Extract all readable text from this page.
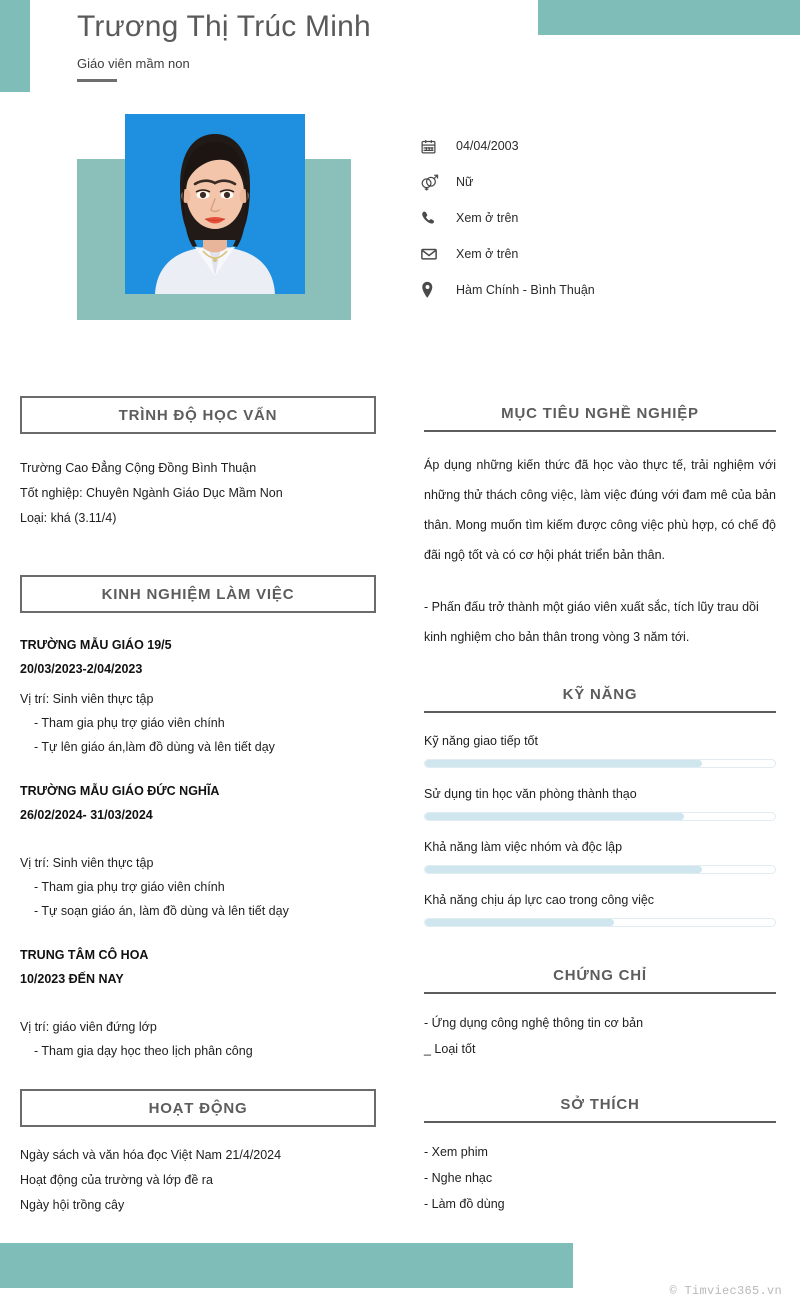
Trương Thị Trúc Minh
Giáo viên mầm non
04/04/2003
Nữ
Xem ở trên
Xem ở trên
Hàm Chính - Bình Thuận
TRÌNH ĐỘ HỌC VẤN
Trường Cao Đẳng Cộng Đồng Bình Thuận
Tốt nghiệp: Chuyên Ngành Giáo Dục Mầm Non
Loại: khá (3.11/4)
KINH NGHIỆM LÀM VIỆC
TRƯỜNG MẪU GIÁO 19/5
20/03/2023-2/04/2023
Vị trí: Sinh viên thực tập
- Tham gia phụ trợ giáo viên chính
- Tự lên giáo án,làm đồ dùng và lên tiết dạy
TRƯỜNG MẪU GIÁO ĐỨC NGHĨA
26/02/2024- 31/03/2024
Vị trí: Sinh viên thực tập
- Tham gia phụ trợ giáo viên chính
- Tự soạn giáo án, làm đồ dùng và lên tiết dạy
TRUNG TÂM CÔ HOA
10/2023 ĐẾN NAY
Vị trí: giáo viên đứng lớp
- Tham gia dạy học theo lịch phân công
HOẠT ĐỘNG
Ngày sách và văn hóa đọc Việt Nam 21/4/2024
Hoạt động của trường và lớp đề ra
Ngày hội trồng cây
MỤC TIÊU NGHỀ NGHIỆP

Áp dụng những kiến thức đã học vào thực tế, trải nghiệm với những thử thách công việc, làm việc đúng với đam mê của bản thân. Mong muốn tìm kiếm được công việc phù hợp, có chế độ đãi ngộ tốt và có cơ hội phát triển bản thân.

- Phấn đấu trở thành một giáo viên xuất sắc, tích lũy trau dồi kinh nghiệm cho bản thân trong vòng 3 năm tới.

KỸ NĂNG
Kỹ năng giao tiếp tốt
Sử dụng tin học văn phòng thành thạo
Khả năng làm việc nhóm và độc lập
Khả năng chịu áp lực cao trong công việc
CHỨNG CHỈ
- Ứng dụng công nghệ thông tin cơ bản
_ Loại tốt
SỞ THÍCH
- Xem phim
- Nghe nhạc
- Làm đồ dùng
© Timviec365.vn
